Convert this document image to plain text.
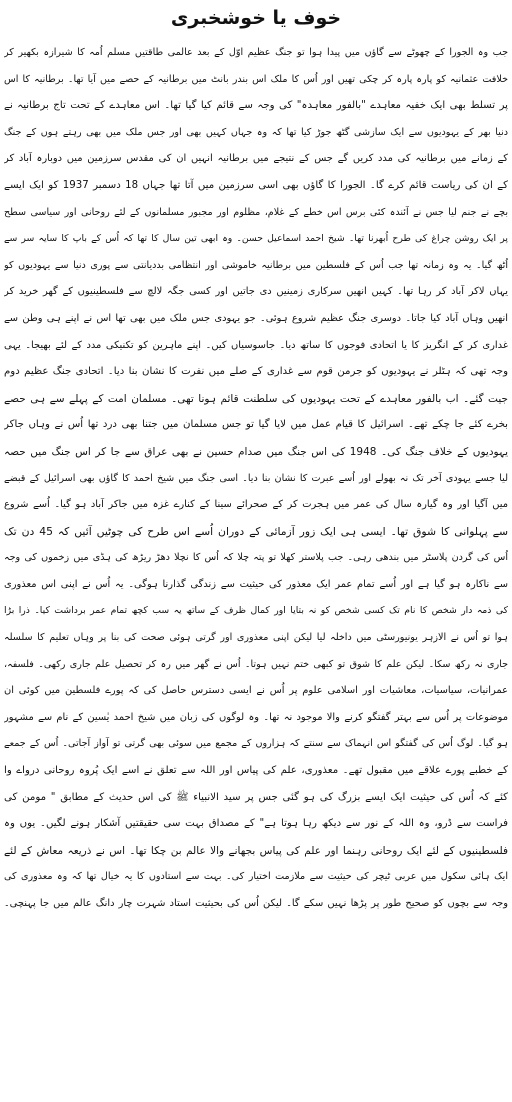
خوف یا خوشخبری
جب وہ الجورا کے چھوٹے سے گاؤں میں پیدا ہوا تو جنگ عظیم اوّل کے بعد عالمی طاقتیں مسلم اُمہ کا شیرازہ بکھیر کر
خلافت عثمانیہ کو پارہ پارہ کر چکی تھیں اور اُس کا ملک اس بندر بانٹ میں برطانیہ کے حصے میں آیا تھا۔ برطانیہ کا اس
پر تسلط بھی ایک خفیہ معاہدے "بالفور معاہدہ" کی وجہ سے قائم کیا گیا تھا۔ اس معاہدے کے تحت تاج برطانیہ نے
دنیا بھر کے یہودیوں سے ایک سازشی گٹھ جوڑ کیا تھا کہ وہ جہاں کہیں بھی اور جس ملک میں بھی رہتے ہوں کے جنگ
کے زمانے میں برطانیہ کی مدد کریں گے جس کے نتیجے میں برطانیہ انہیں ان کی مقدس سرزمین میں دوبارہ آباد کر
کے ان کی ریاست قائم کرے گا۔ الجورا کا گاؤں بھی اسی سرزمین میں آتا تھا جہاں 18 دسمبر 1937 کو ایک ایسے
بچے نے جنم لیا جس نے آئندہ کئی برس اس خطے کے غلام، مظلوم اور مجبور مسلمانوں کے لئے روحانی اور سیاسی سطح
پر ایک روشن چراغ کی طرح اُبھرنا تھا۔ شیخ احمد اسماعیل حسن۔ وہ ابھی تین سال کا تھا کہ اُس کے باپ کا سایہ سر سے
اُٹھ گیا۔ یہ وہ زمانہ تھا جب اُس کے فلسطین میں برطانیہ خاموشی اور انتظامی بددیانتی سے پوری دنیا سے یہودیوں کو
یہاں لاکر آباد کر رہا تھا۔ کہیں انھیں سرکاری زمینیں دی جاتیں اور کسی جگہ لالچ سے فلسطینیوں کے گھر خرید کر
انھیں وہاں آباد کیا جاتا۔ دوسری جنگ عظیم شروع ہوئی۔ جو یہودی جس ملک میں بھی تھا اس نے اپنے ہی وطن سے
غداری کر کے انگریز کا یا اتحادی فوجوں کا ساتھ دیا۔ جاسوسیاں کیں۔ اپنے ماہرین کو تکنیکی مدد کے لئے بھیجا۔ یہی
وجہ تھی کہ ہٹلر نے یہودیوں کو جرمن قوم سے غداری کے صلے میں نفرت کا نشان بنا دیا۔ اتحادی جنگ عظیم دوم
جیت گئے۔ اب بالفور معاہدے کے تحت یہودیوں کی سلطنت قائم ہونا تھی۔ مسلمان امت کے پہلے سے ہی حصے
بخرے کئے جا چکے تھے۔ اسرائیل کا قیام عمل میں لایا گیا تو جس مسلمان میں جتنا بھی درد تھا اُس نے وہاں جاکر
یہودیوں کے خلاف جنگ کی۔ 1948 کی اس جنگ میں صدام حسین نے بھی عراق سے جا کر اس جنگ میں حصہ
لیا جسے یہودی آخر تک نہ بھولے اور اُسے عبرت کا نشان بنا دیا۔ اسی جنگ میں شیخ احمد کا گاؤں بھی اسرائیل کے قبضے
میں آگیا اور وہ گیارہ سال کی عمر میں ہجرت کر کے صحرائے سینا کے کنارے غزہ میں جاکر آباد ہو گیا۔ اُسے شروع
سے پہلوانی کا شوق تھا۔ ایسی ہی ایک زور آزمائی کے دوران اُسے اس طرح کی چوٹیں آئیں کہ 45 دن تک
اُس کی گردن پلاسٹر میں بندھی رہی۔ جب پلاستر کھلا تو پتہ چلا کہ اُس کا نچلا دھڑ ریڑھ کی ہڈی میں زخموں کی وجہ
سے ناکارہ ہو گیا ہے اور اُسے تمام عمر ایک معذور کی حیثیت سے زندگی گذارنا ہوگی۔ یہ اُس نے اپنی اس معذوری
کی ذمہ دار شخص کا نام تک کسی شخص کو نہ بتایا اور کمال ظرف کے ساتھ یہ سب کچھ تمام عمر برداشت کیا۔ ذرا بڑا
ہوا تو اُس نے الازہر یونیورسٹی میں داخلہ لیا لیکن اپنی معذوری اور گرتی ہوئی صحت کی بنا پر وہاں تعلیم کا سلسلہ
جاری نہ رکھ سکا۔ لیکن علم کا شوق تو کبھی ختم نہیں ہوتا۔ اُس نے گھر میں رہ کر تحصیل علم جاری رکھی۔ فلسفہ،
عمرانیات، سیاسیات، معاشیات اور اسلامی علوم پر اُس نے ایسی دسترس حاصل کی کہ پورے فلسطین میں کوئی ان
موضوعات پر اُس سے بہتر گفتگو کرنے والا موجود نہ تھا۔ وہ لوگوں کی زبان میں شیخ احمد یٰسین کے نام سے مشہور
ہو گیا۔ لوگ اُس کی گفتگو اس انہماک سے سنتے کہ ہزاروں کے مجمع میں سوئی بھی گرتی تو آواز آجاتی۔ اُس کے جمعے
کے خطبے پورے علاقے میں مقبول تھے۔ معذوری، علم کی پیاس اور اللہ سے تعلق نے اسے ایک پُروہ روحانی درواے وا
کئے کہ اُس کی حیثیت ایک ایسے بزرگ کی ہو گئی جس پر سید الانبیاء ﷺ کی اس حدیث کے مطابق " مومن کی
فراست سے ڈرو، وہ اللہ کے نور سے دیکھ رہا ہوتا ہے" کے مصداق بہت سی حقیقتیں آشکار ہونے لگیں۔ یوں وہ
فلسطینیوں کے لئے ایک روحانی رہنما اور علم کی پیاس بجھانے والا عالم بن چکا تھا۔ اس نے ذریعہ معاش کے لئے
ایک ہائی سکول میں عربی ٹیچر کی حیثیت سے ملازمت اختیار کی۔ بہت سے استادوں کا یہ خیال تھا کہ وہ معذوری کی
وجہ سے بچوں کو صحیح طور پر پڑھا نہیں سکے گا۔ لیکن اُس کی بحیثیت استاد شہرت چار دانگ عالم میں جا پہنچی۔
